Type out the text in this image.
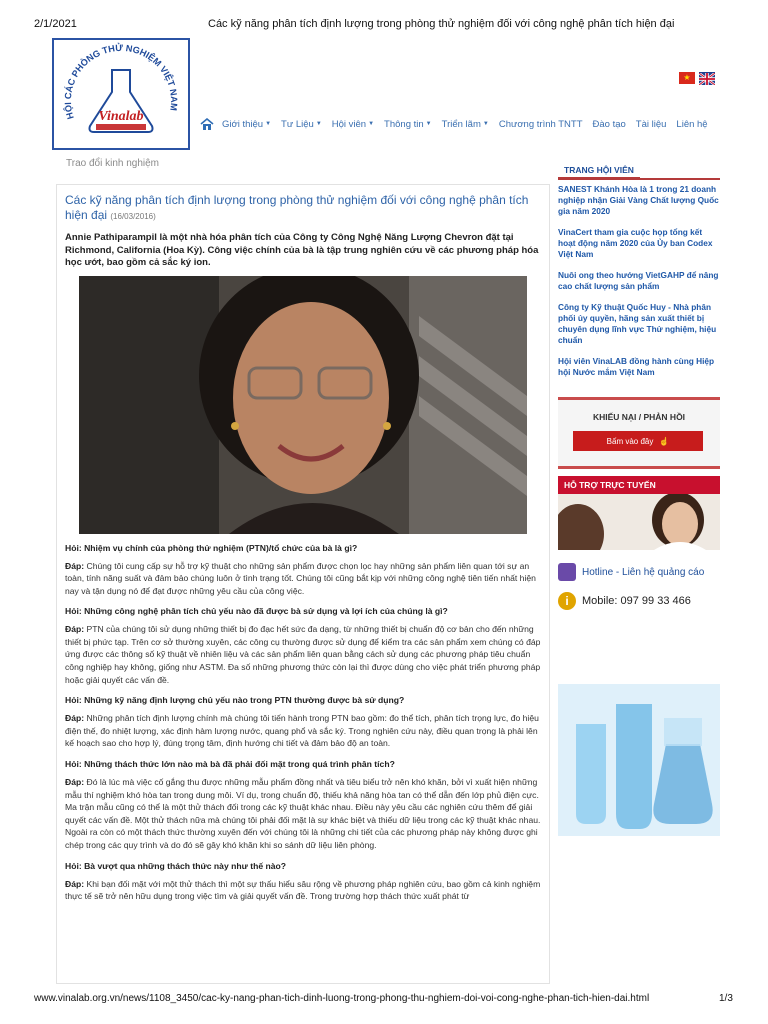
2/1/2021	Các kỹ năng phân tích định lượng trong phòng thử nghiệm đối với công nghệ phân tích hiện đại
www.vinalab.org.vn/news/1108_3450/cac-ky-nang-phan-tich-dinh-luong-trong-phong-thu-nghiem-doi-voi-cong-nghe-phan-tich-hien-dai.html	1/3
HỘI CÁC PHÒNG THỬ NGHIỆM VIỆT NAM
Vinalab
★
Giới thiệu ▼ Tư Liệu ▼ Hội viên ▼ Thông tin ▼ Triển lãm ▼ Chương trình TNTT Đào tạo Tài liệu Liên hệ
Trao đổi kinh nghiệm

Các kỹ năng phân tích định lượng trong phòng thử nghiệm đối với công nghệ phân tích hiện đại (16/03/2016)

Annie Pathiparampil là một nhà hóa phân tích của Công ty Công Nghệ Năng Lượng Chevron đặt tại Richmond, California (Hoa Kỳ). Công việc chính của bà là tập trung nghiên cứu về các phương pháp hóa học ướt, bao gồm cả sắc ký ion.

Hỏi: Nhiệm vụ chính của phòng thử nghiệm (PTN)/tổ chức của bà là gì?

Đáp: Chúng tôi cung cấp sự hỗ trợ kỹ thuật cho những sản phẩm được chọn lọc hay những sản phẩm liên quan tới sự an toàn, tính năng suất và đảm bảo chúng luôn ở tình trạng tốt. Chúng tôi cũng bắt kịp với những công nghệ tiên tiến nhất hiện nay và tận dụng nó để đạt được những yêu cầu của công việc.

Hỏi: Những công nghệ phân tích chủ yếu nào đã được bà sử dụng và lợi ích của chúng là gì?

Đáp: PTN của chúng tôi sử dụng những thiết bị đo đạc hết sức đa dạng, từ những thiết bị chuẩn độ cơ bản cho đến những thiết bị phức tạp. Trên cơ sở thường xuyên, các công cụ thường được sử dụng để kiểm tra các sản phẩm xem chúng có đáp ứng được các thông số kỹ thuật về nhiên liệu và các sản phẩm liên quan bằng cách sử dụng các phương pháp tiêu chuẩn công nghiệp hay không, giống như ASTM. Đa số những phương thức còn lại thì được dùng cho việc phát triển phương pháp hoặc giải quyết các vấn đề.

Hỏi: Những kỹ năng định lượng chủ yếu nào trong PTN thường được bà sử dụng?

Đáp: Những phân tích định lượng chính mà chúng tôi tiến hành trong PTN bao gồm: đo thể tích, phân tích trọng lực, đo hiệu điện thế, đo nhiệt lượng, xác định hàm lượng nước, quang phổ và sắc ký. Trong nghiên cứu này, điều quan trọng là phải lên kế hoạch sao cho hợp lý, đúng trọng tâm, định hướng chi tiết và đảm bảo độ an toàn.

Hỏi: Những thách thức lớn nào mà bà đã phải đối mặt trong quá trình phân tích?

Đáp: Đó là lúc mà việc cố gắng thu được những mẫu phẩm đồng nhất và tiêu biểu trở nên khó khăn, bởi vì xuất hiện những mẫu thí nghiệm khó hòa tan trong dung môi. Ví dụ, trong chuẩn độ, thiếu khả năng hòa tan có thể dẫn đến lớp phủ điện cực. Ma trận mẫu cũng có thể là một thử thách đối trong các kỹ thuật khác nhau. Điều này yêu cầu các nghiên cứu thêm để giải quyết các vấn đề. Một thử thách nữa mà chúng tôi phải đối mặt là sự khác biệt và thiếu dữ liệu trong các kỹ thuật khác nhau. Ngoài ra còn có một thách thức thường xuyên đến với chúng tôi là những chi tiết của các phương pháp này không được ghi chép trong các quy trình và do đó sẽ gây khó khăn khi so sánh dữ liệu liên phòng.

Hỏi: Bà vượt qua những thách thức này như thế nào?

Đáp: Khi bạn đối mặt với một thử thách thì một sự thấu hiểu sâu rộng về phương pháp nghiên cứu, bao gồm cả kinh nghiệm thực tế sẽ trở nên hữu dụng trong việc tìm và giải quyết vấn đề. Trong trường hợp thách thức xuất phát từ

TRANG HỘI VIÊN
SANEST Khánh Hòa là 1 trong 21 doanh nghiệp nhận Giải Vàng Chất lượng Quốc gia năm 2020
VinaCert tham gia cuộc họp tổng kết hoạt động năm 2020 của Ủy ban Codex Việt Nam
Nuôi ong theo hướng VietGAHP để nâng cao chất lượng sản phẩm
Công ty Kỹ thuật Quốc Huy - Nhà phân phối ủy quyền, hãng sản xuất thiết bị chuyên dụng lĩnh vực Thử nghiệm, hiệu chuẩn
Hội viên VinaLAB đồng hành cùng Hiệp hội Nước mắm Việt Nam
KHIẾU NẠI / PHẢN HỒI
Bấm vào đây ☝
HỖ TRỢ TRỰC TUYẾN
Hotline - Liên hệ quảng cáo
i	Mobile: 097 99 33 466
